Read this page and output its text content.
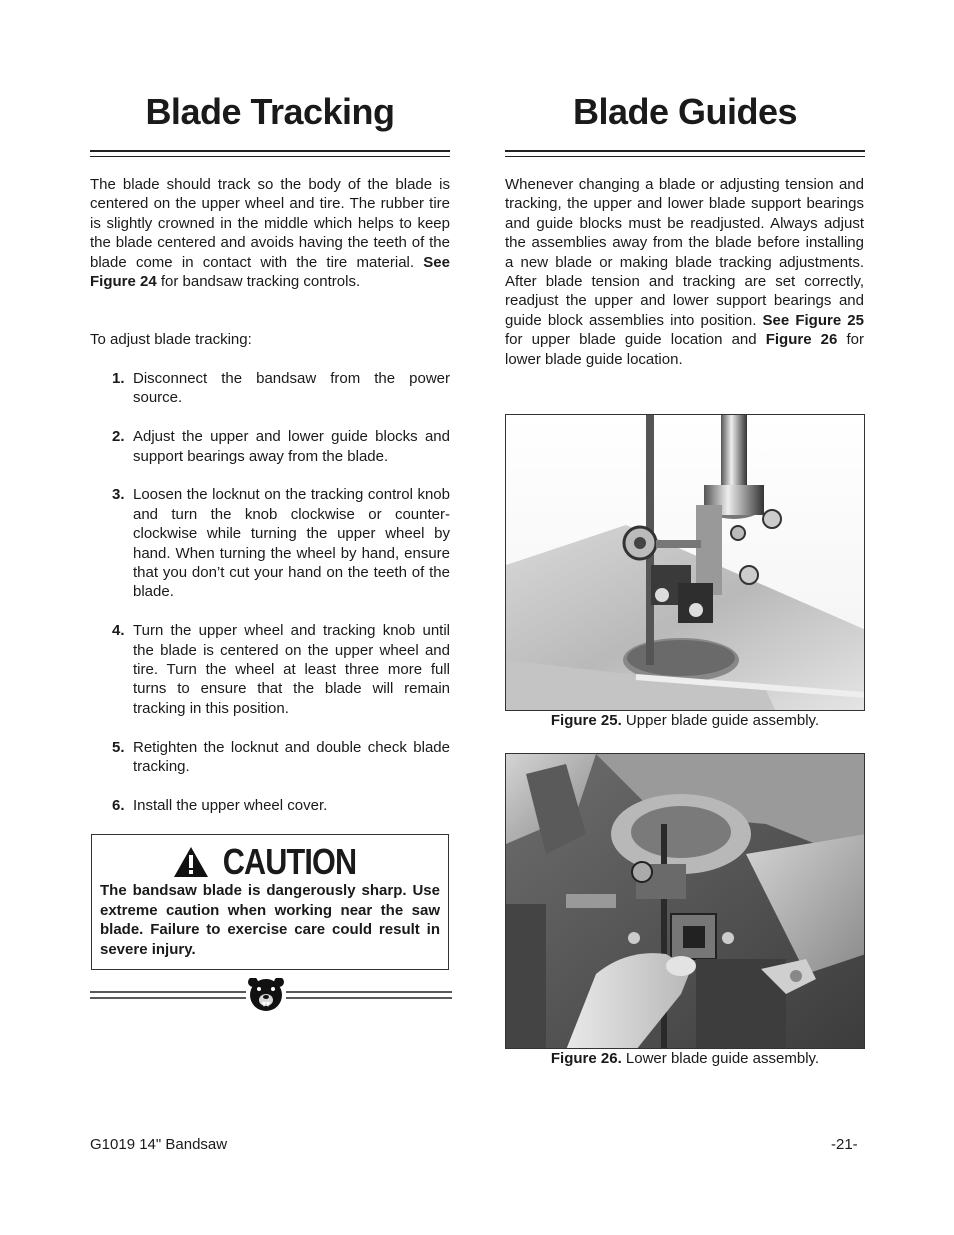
Blade Tracking

The blade should track so the body of the blade is centered on the upper wheel and tire. The rubber tire is slightly crowned in the middle which helps to keep the blade centered and avoids having the teeth of the blade come in contact with the tire material. See Figure 24 for bandsaw tracking controls.

To adjust blade tracking:

1. Disconnect the bandsaw from the power source.
2. Adjust the upper and lower guide blocks and support bearings away from the blade.
3. Loosen the locknut on the tracking control knob and turn the knob clockwise or counter-clockwise while turning the upper wheel by hand. When turning the wheel by hand, ensure that you don’t cut your hand on the teeth of the blade.
4. Turn the upper wheel and tracking knob until the blade is centered on the upper wheel and tire. Turn the wheel at least three more full turns to ensure that the blade will remain tracking in this position.
5. Retighten the locknut and double check blade tracking.
6. Install the upper wheel cover.
CAUTION

The bandsaw blade is dangerously sharp. Use extreme caution when working near the saw blade. Failure to exercise care could result in severe injury.

Blade Guides

Whenever changing a blade or adjusting tension and tracking, the upper and lower blade support bearings and guide blocks must be readjusted. Always adjust the assemblies away from the blade before installing a new blade or making blade tracking adjustments. After blade tension and tracking are set correctly, readjust the upper and lower support bearings and guide block assemblies into position. See Figure 25 for upper blade guide location and Figure 26 for lower blade guide location.

Figure 25. Upper blade guide assembly.

Figure 26. Lower blade guide assembly.

G1019 14" Bandsaw	-21-
